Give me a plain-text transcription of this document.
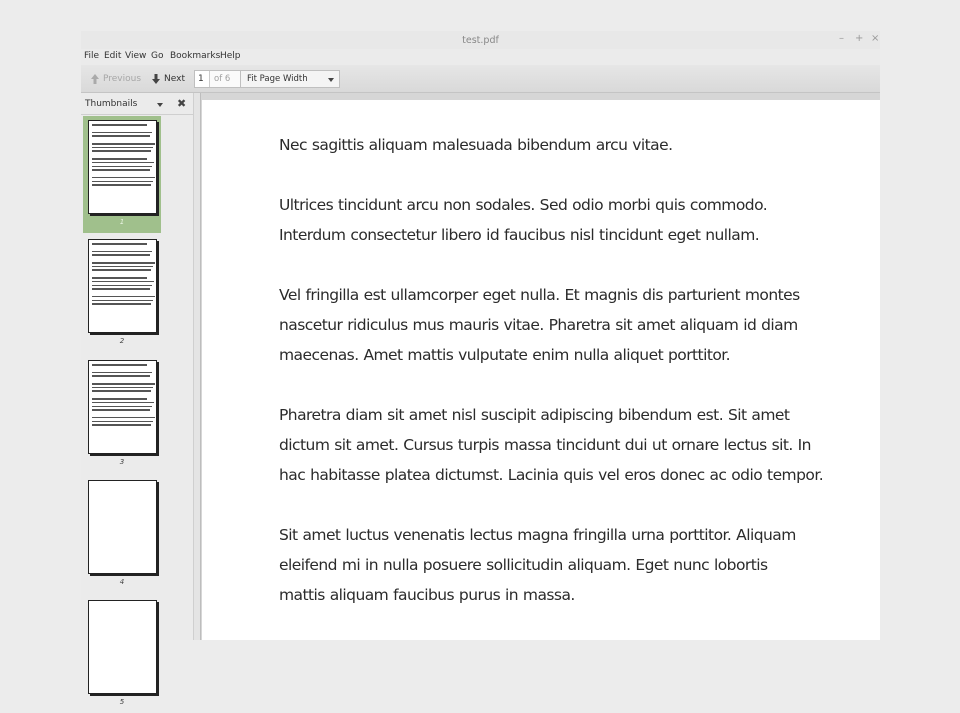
test.pdf	– + ×
File Edit View Go Bookmarks Help
Previous	Next
1	of 6 Fit Page Width
Thumbnails	✖
1
2
3
4
5
Nec sagittis aliquam malesuada bibendum arcu vitae.
Ultrices tincidunt arcu non sodales. Sed odio morbi quis commodo.
Interdum consectetur libero id faucibus nisl tincidunt eget nullam.
Vel fringilla est ullamcorper eget nulla. Et magnis dis parturient montes
nascetur ridiculus mus mauris vitae. Pharetra sit amet aliquam id diam
maecenas. Amet mattis vulputate enim nulla aliquet porttitor.
Pharetra diam sit amet nisl suscipit adipiscing bibendum est. Sit amet
dictum sit amet. Cursus turpis massa tincidunt dui ut ornare lectus sit. In
hac habitasse platea dictumst. Lacinia quis vel eros donec ac odio tempor.
Sit amet luctus venenatis lectus magna fringilla urna porttitor. Aliquam
eleifend mi in nulla posuere sollicitudin aliquam. Eget nunc lobortis
mattis aliquam faucibus purus in massa.
